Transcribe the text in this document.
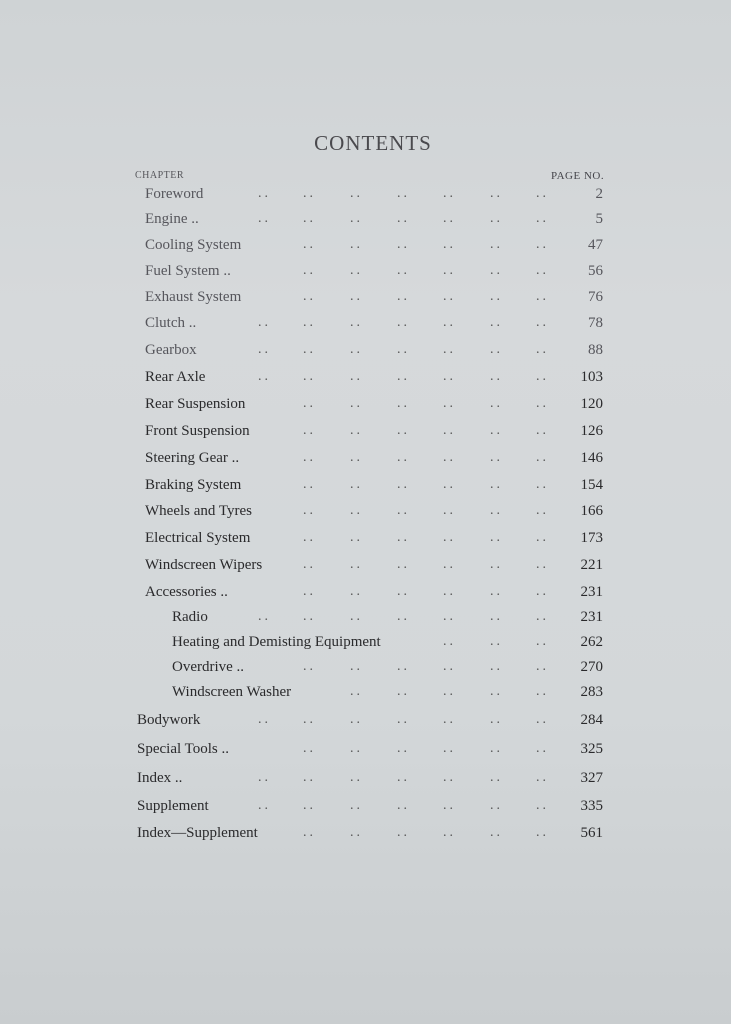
CONTENTS
CHAPTER	PAGE NO.
Foreword	.. .. .. .. .. .. ..	2
Engine ..	.. .. .. .. .. .. ..	5
Cooling System	.. .. .. .. .. ..	47
Fuel System ..	.. .. .. .. .. ..	56
Exhaust System	.. .. .. .. .. ..	76
Clutch ..	.. .. .. .. .. .. ..	78
Gearbox	.. .. .. .. .. .. ..	88
Rear Axle	.. .. .. .. .. .. ..	103
Rear Suspension	.. .. .. .. .. ..	120
Front Suspension	.. .. .. .. .. ..	126
Steering Gear ..	.. .. .. .. .. ..	146
Braking System	.. .. .. .. .. ..	154
Wheels and Tyres	.. .. .. .. .. ..	166
Electrical System	.. .. .. .. .. ..	173
Windscreen Wipers	.. .. .. .. .. ..	221
Accessories ..	.. .. .. .. .. ..	231
Radio	.. .. .. .. .. .. ..	231
Heating and Demisting Equipment	.. .. ..	262
Overdrive ..	.. .. .. .. .. ..	270
Windscreen Washer	.. .. .. .. ..	283
Bodywork	.. .. .. .. .. .. ..	284
Special Tools ..	.. .. .. .. .. ..	325
Index ..	.. .. .. .. .. .. ..	327
Supplement	.. .. .. .. .. .. ..	335
Index—Supplement	.. .. .. .. .. ..	561
